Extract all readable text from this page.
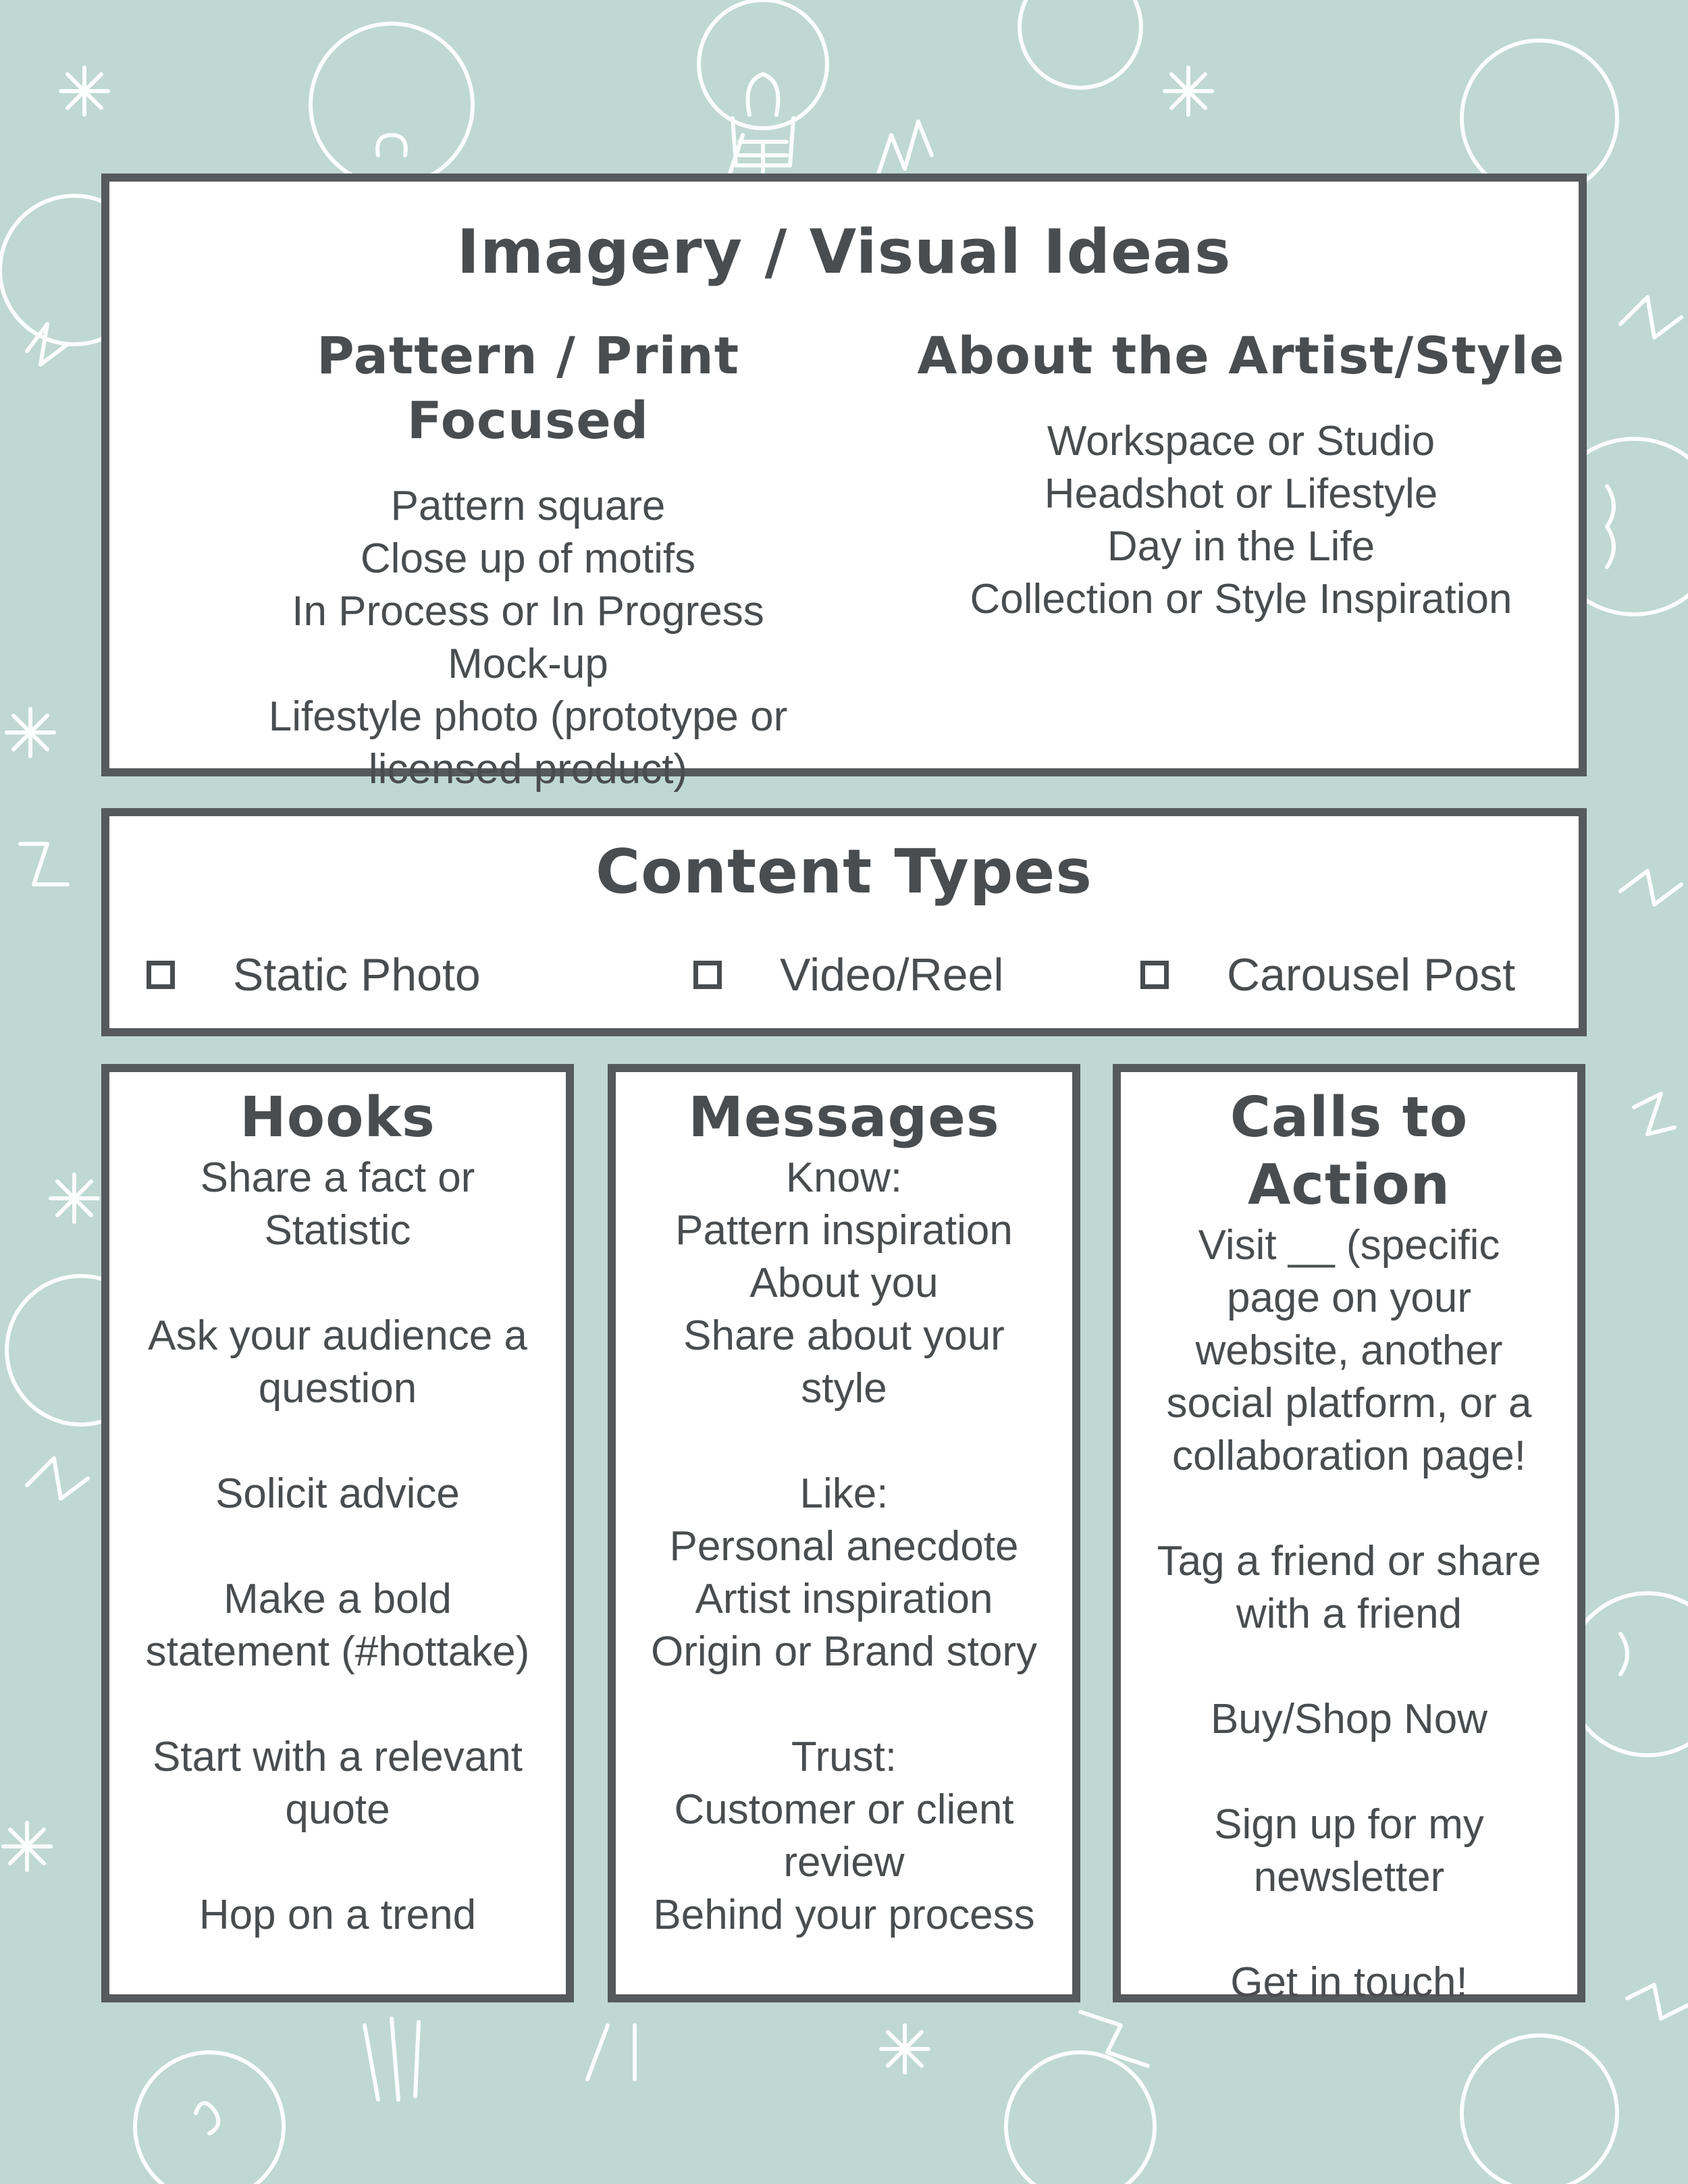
Imagery / Visual Ideas
Pattern / Print Focused
Pattern square
Close up of motifs
In Process or In Progress
Mock-up
Lifestyle photo (prototype or
licensed product)
About the Artist/Style
Workspace or Studio
Headshot or Lifestyle
Day in the Life
Collection or Style Inspiration
Content Types
Static Photo	Video/Reel	Carousel Post
Hooks
Share a fact or
Statistic
Ask your audience a
question
Solicit advice
Make a bold
statement (#hottake)
Start with a relevant
quote
Hop on a trend
Messages
Know:
Pattern inspiration
About you
Share about your
style
Like:
Personal anecdote
Artist inspiration
Origin or Brand story
Trust:
Customer or client
review
Behind your process
Calls to Action
Visit __ (specific
page on your
website, another
social platform, or a
collaboration page!
Tag a friend or share
with a friend
Buy/Shop Now
Sign up for my
newsletter
Get in touch!
